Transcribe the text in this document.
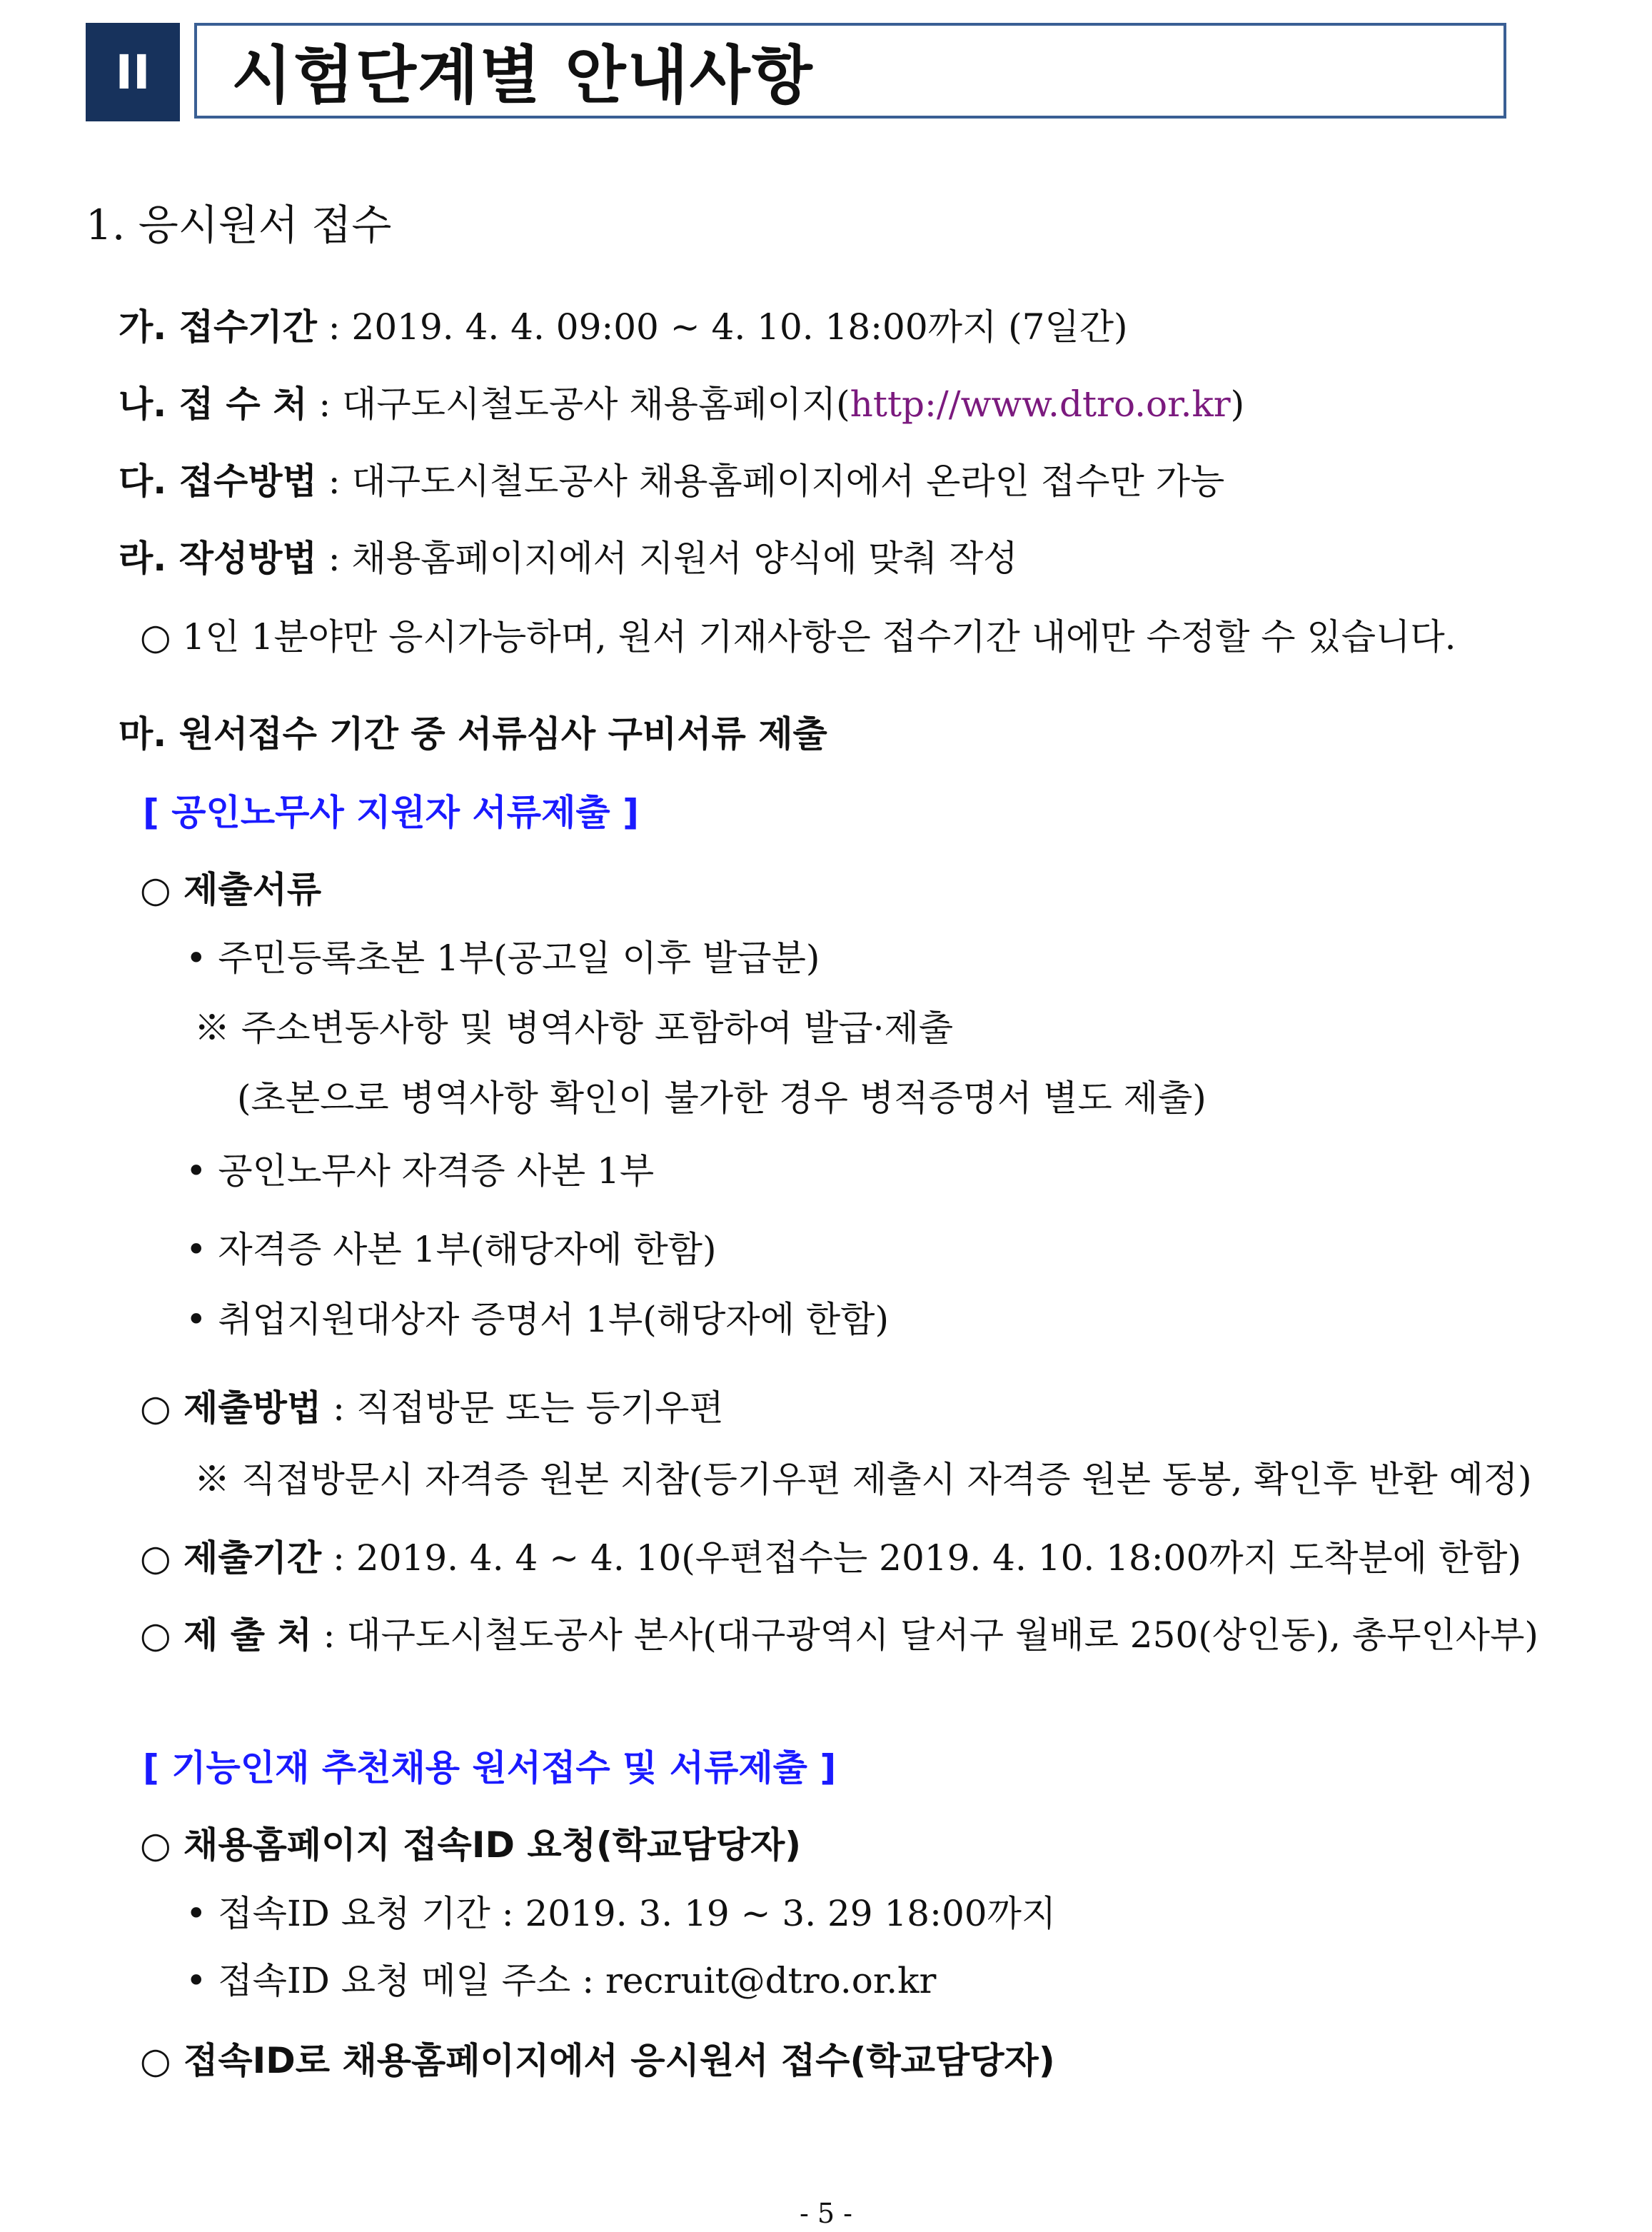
II 시험단계별 안내사항
1. 응시원서 접수
가. 접수기간 : 2019. 4. 4. 09:00 ~ 4. 10. 18:00까지 (7일간)
나. 접 수 처 : 대구도시철도공사 채용홈페이지(http://www.dtro.or.kr)
다. 접수방법 : 대구도시철도공사 채용홈페이지에서 온라인 접수만 가능
라. 작성방법 : 채용홈페이지에서 지원서 양식에 맞춰 작성
○ 1인 1분야만 응시가능하며, 원서 기재사항은 접수기간 내에만 수정할 수 있습니다.
마. 원서접수 기간 중 서류심사 구비서류 제출
[ 공인노무사 지원자 서류제출 ]
○ 제출서류
• 주민등록초본 1부(공고일 이후 발급분)
※ 주소변동사항 및 병역사항 포함하여 발급·제출
(초본으로 병역사항 확인이 불가한 경우 병적증명서 별도 제출)
• 공인노무사 자격증 사본 1부
• 자격증 사본 1부(해당자에 한함)
• 취업지원대상자 증명서 1부(해당자에 한함)
○ 제출방법 : 직접방문 또는 등기우편
※ 직접방문시 자격증 원본 지참(등기우편 제출시 자격증 원본 동봉, 확인후 반환 예정)
○ 제출기간 : 2019. 4. 4 ~ 4. 10(우편접수는 2019. 4. 10. 18:00까지 도착분에 한함)
○ 제 출 처 : 대구도시철도공사 본사(대구광역시 달서구 월배로 250(상인동), 총무인사부)
[ 기능인재 추천채용 원서접수 및 서류제출 ]
○ 채용홈페이지 접속ID 요청(학교담당자)
• 접속ID 요청 기간 : 2019. 3. 19 ~ 3. 29 18:00까지
• 접속ID 요청 메일 주소 : recruit@dtro.or.kr
○ 접속ID로 채용홈페이지에서 응시원서 접수(학교담당자)
- 5 -
